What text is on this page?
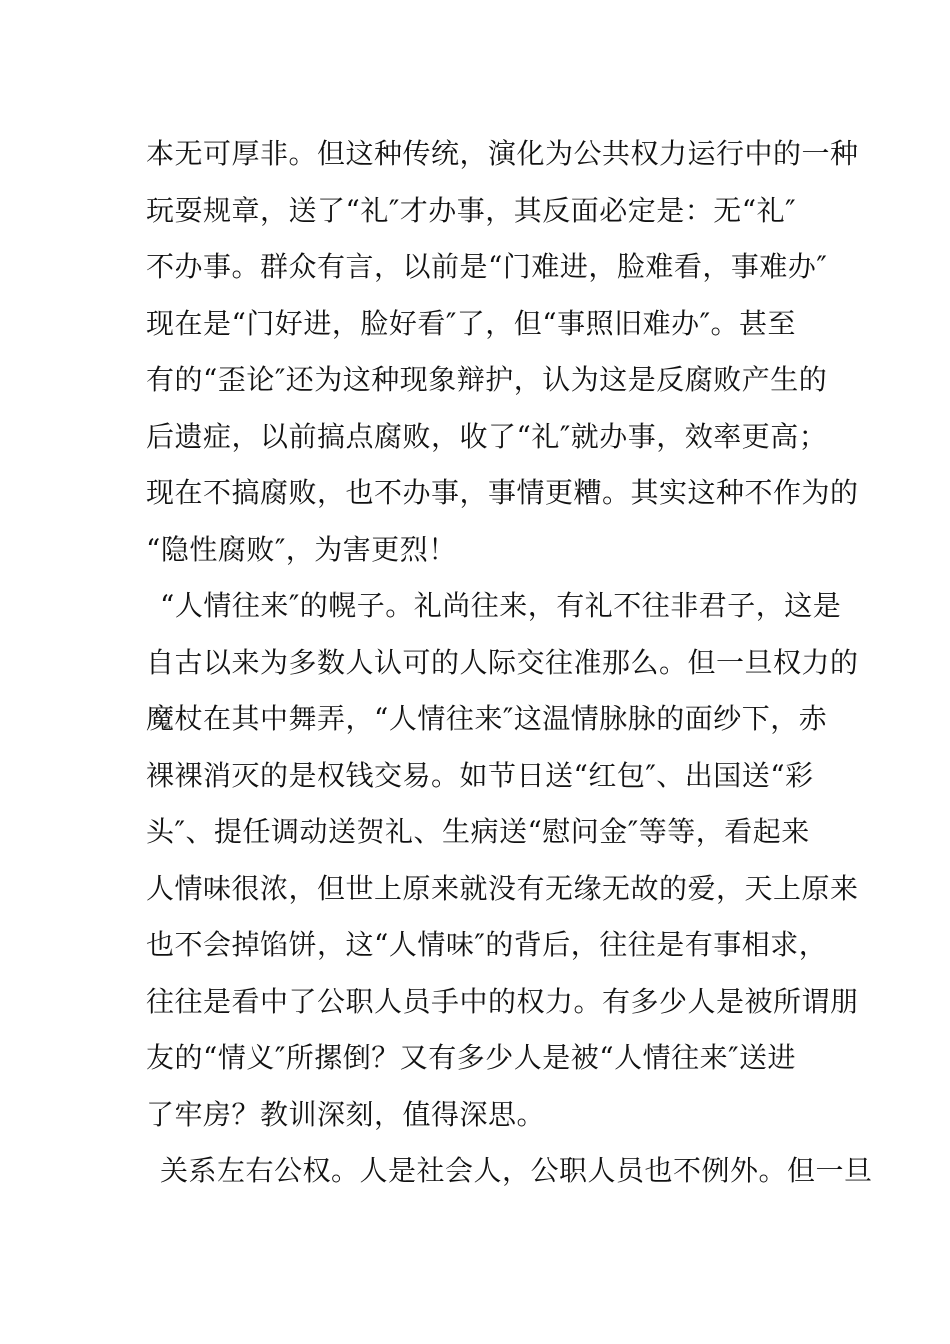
本无可厚非。但这种传统，演化为公共权力运行中的一种
玩耍规章，送了“礼″才办事，其反面必定是：无“礼″
不办事。群众有言，以前是“门难进，脸难看，事难办″
现在是“门好进，脸好看″了，但“事照旧难办″。甚至
有的“歪论″还为这种现象辩护，认为这是反腐败产生的
后遗症，以前搞点腐败，收了“礼″就办事，效率更高；
现在不搞腐败，也不办事，事情更糟。其实这种不作为的
“隐性腐败″，为害更烈！
“人情往来″的幌子。礼尚往来，有礼不往非君子，这是
自古以来为多数人认可的人际交往准那么。但一旦权力的
魔杖在其中舞弄，“人情往来″这温情脉脉的面纱下，赤
裸裸消灭的是权钱交易。如节日送“红包″、出国送“彩
头″、提任调动送贺礼、生病送“慰问金″等等，看起来
人情味很浓，但世上原来就没有无缘无故的爱，天上原来
也不会掉馅饼，这“人情味″的背后，往往是有事相求，
往往是看中了公职人员手中的权力。有多少人是被所谓朋
友的“情义″所摞倒？又有多少人是被“人情往来″送进
了牢房？教训深刻，值得深思。
关系左右公权。人是社会人，公职人员也不例外。但一旦
